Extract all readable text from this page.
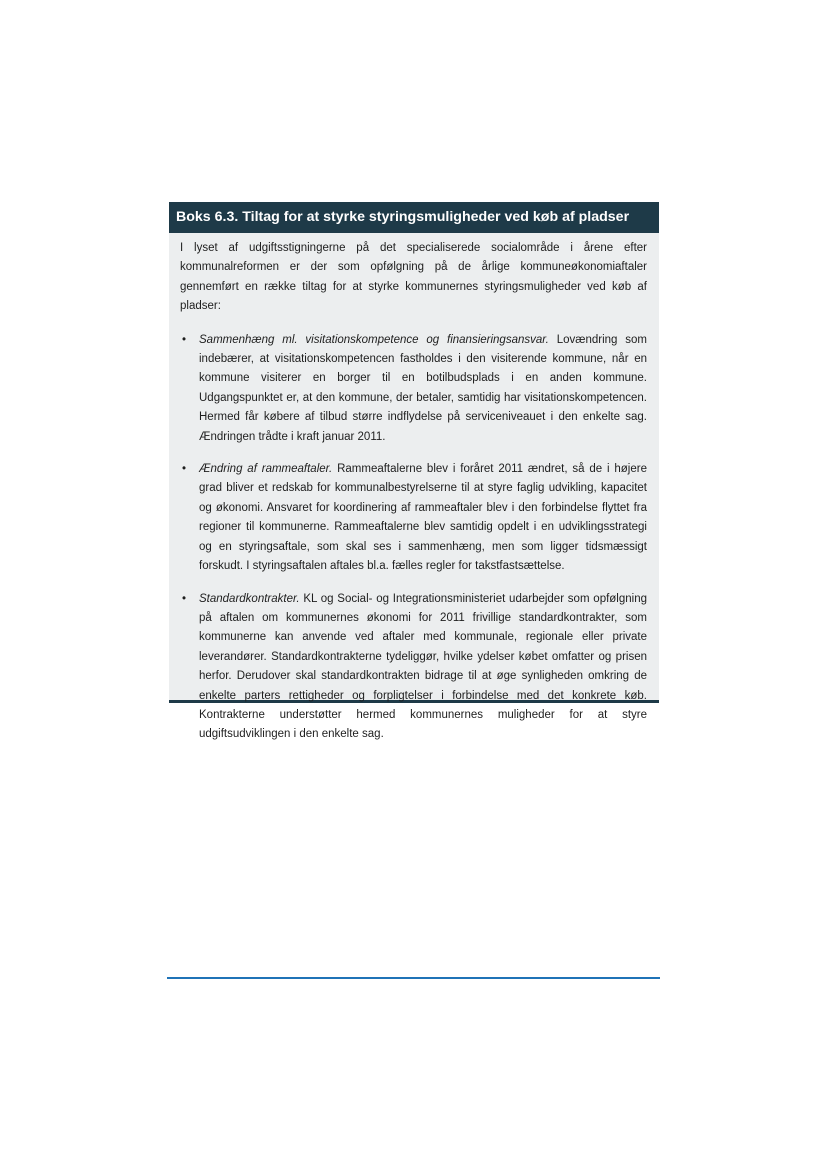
Boks 6.3. Tiltag for at styrke styringsmuligheder ved køb af pladser

I lyset af udgiftsstigningerne på det specialiserede socialområde i årene efter kommunalreformen er der som opfølgning på de årlige kommuneøkonomiaftaler gennemført en række tiltag for at styrke kommunernes styringsmuligheder ved køb af pladser:

• Sammenhæng ml. visitationskompetence og finansieringsansvar. Lovændring som indebærer, at visitationskompetencen fastholdes i den visiterende kommune, når en kommune visiterer en borger til en botilbudsplads i en anden kommune. Udgangspunktet er, at den kommune, der betaler, samtidig har visitationskompetencen. Hermed får købere af tilbud større indflydelse på serviceniveauet i den enkelte sag. Ændringen trådte i kraft januar 2011.
• Ændring af rammeaftaler. Rammeaftalerne blev i foråret 2011 ændret, så de i højere grad bliver et redskab for kommunalbestyrelserne til at styre faglig udvikling, kapacitet og økonomi. Ansvaret for koordinering af rammeaftaler blev i den forbindelse flyttet fra regioner til kommunerne. Rammeaftalerne blev samtidig opdelt i en udviklingsstrategi og en styringsaftale, som skal ses i sammenhæng, men som ligger tidsmæssigt forskudt. I styringsaftalen aftales bl.a. fælles regler for takstfastsættelse.
• Standardkontrakter. KL og Social- og Integrationsministeriet udarbejder som opfølgning på aftalen om kommunernes økonomi for 2011 frivillige standardkontrakter, som kommunerne kan anvende ved aftaler med kommunale, regionale eller private leverandører. Standardkontrakterne tydeliggør, hvilke ydelser købet omfatter og prisen herfor. Derudover skal standardkontrakten bidrage til at øge synligheden omkring de enkelte parters rettigheder og forpligtelser i forbindelse med det konkrete køb. Kontrakterne understøtter hermed kommunernes muligheder for at styre udgiftsudviklingen i den enkelte sag.
